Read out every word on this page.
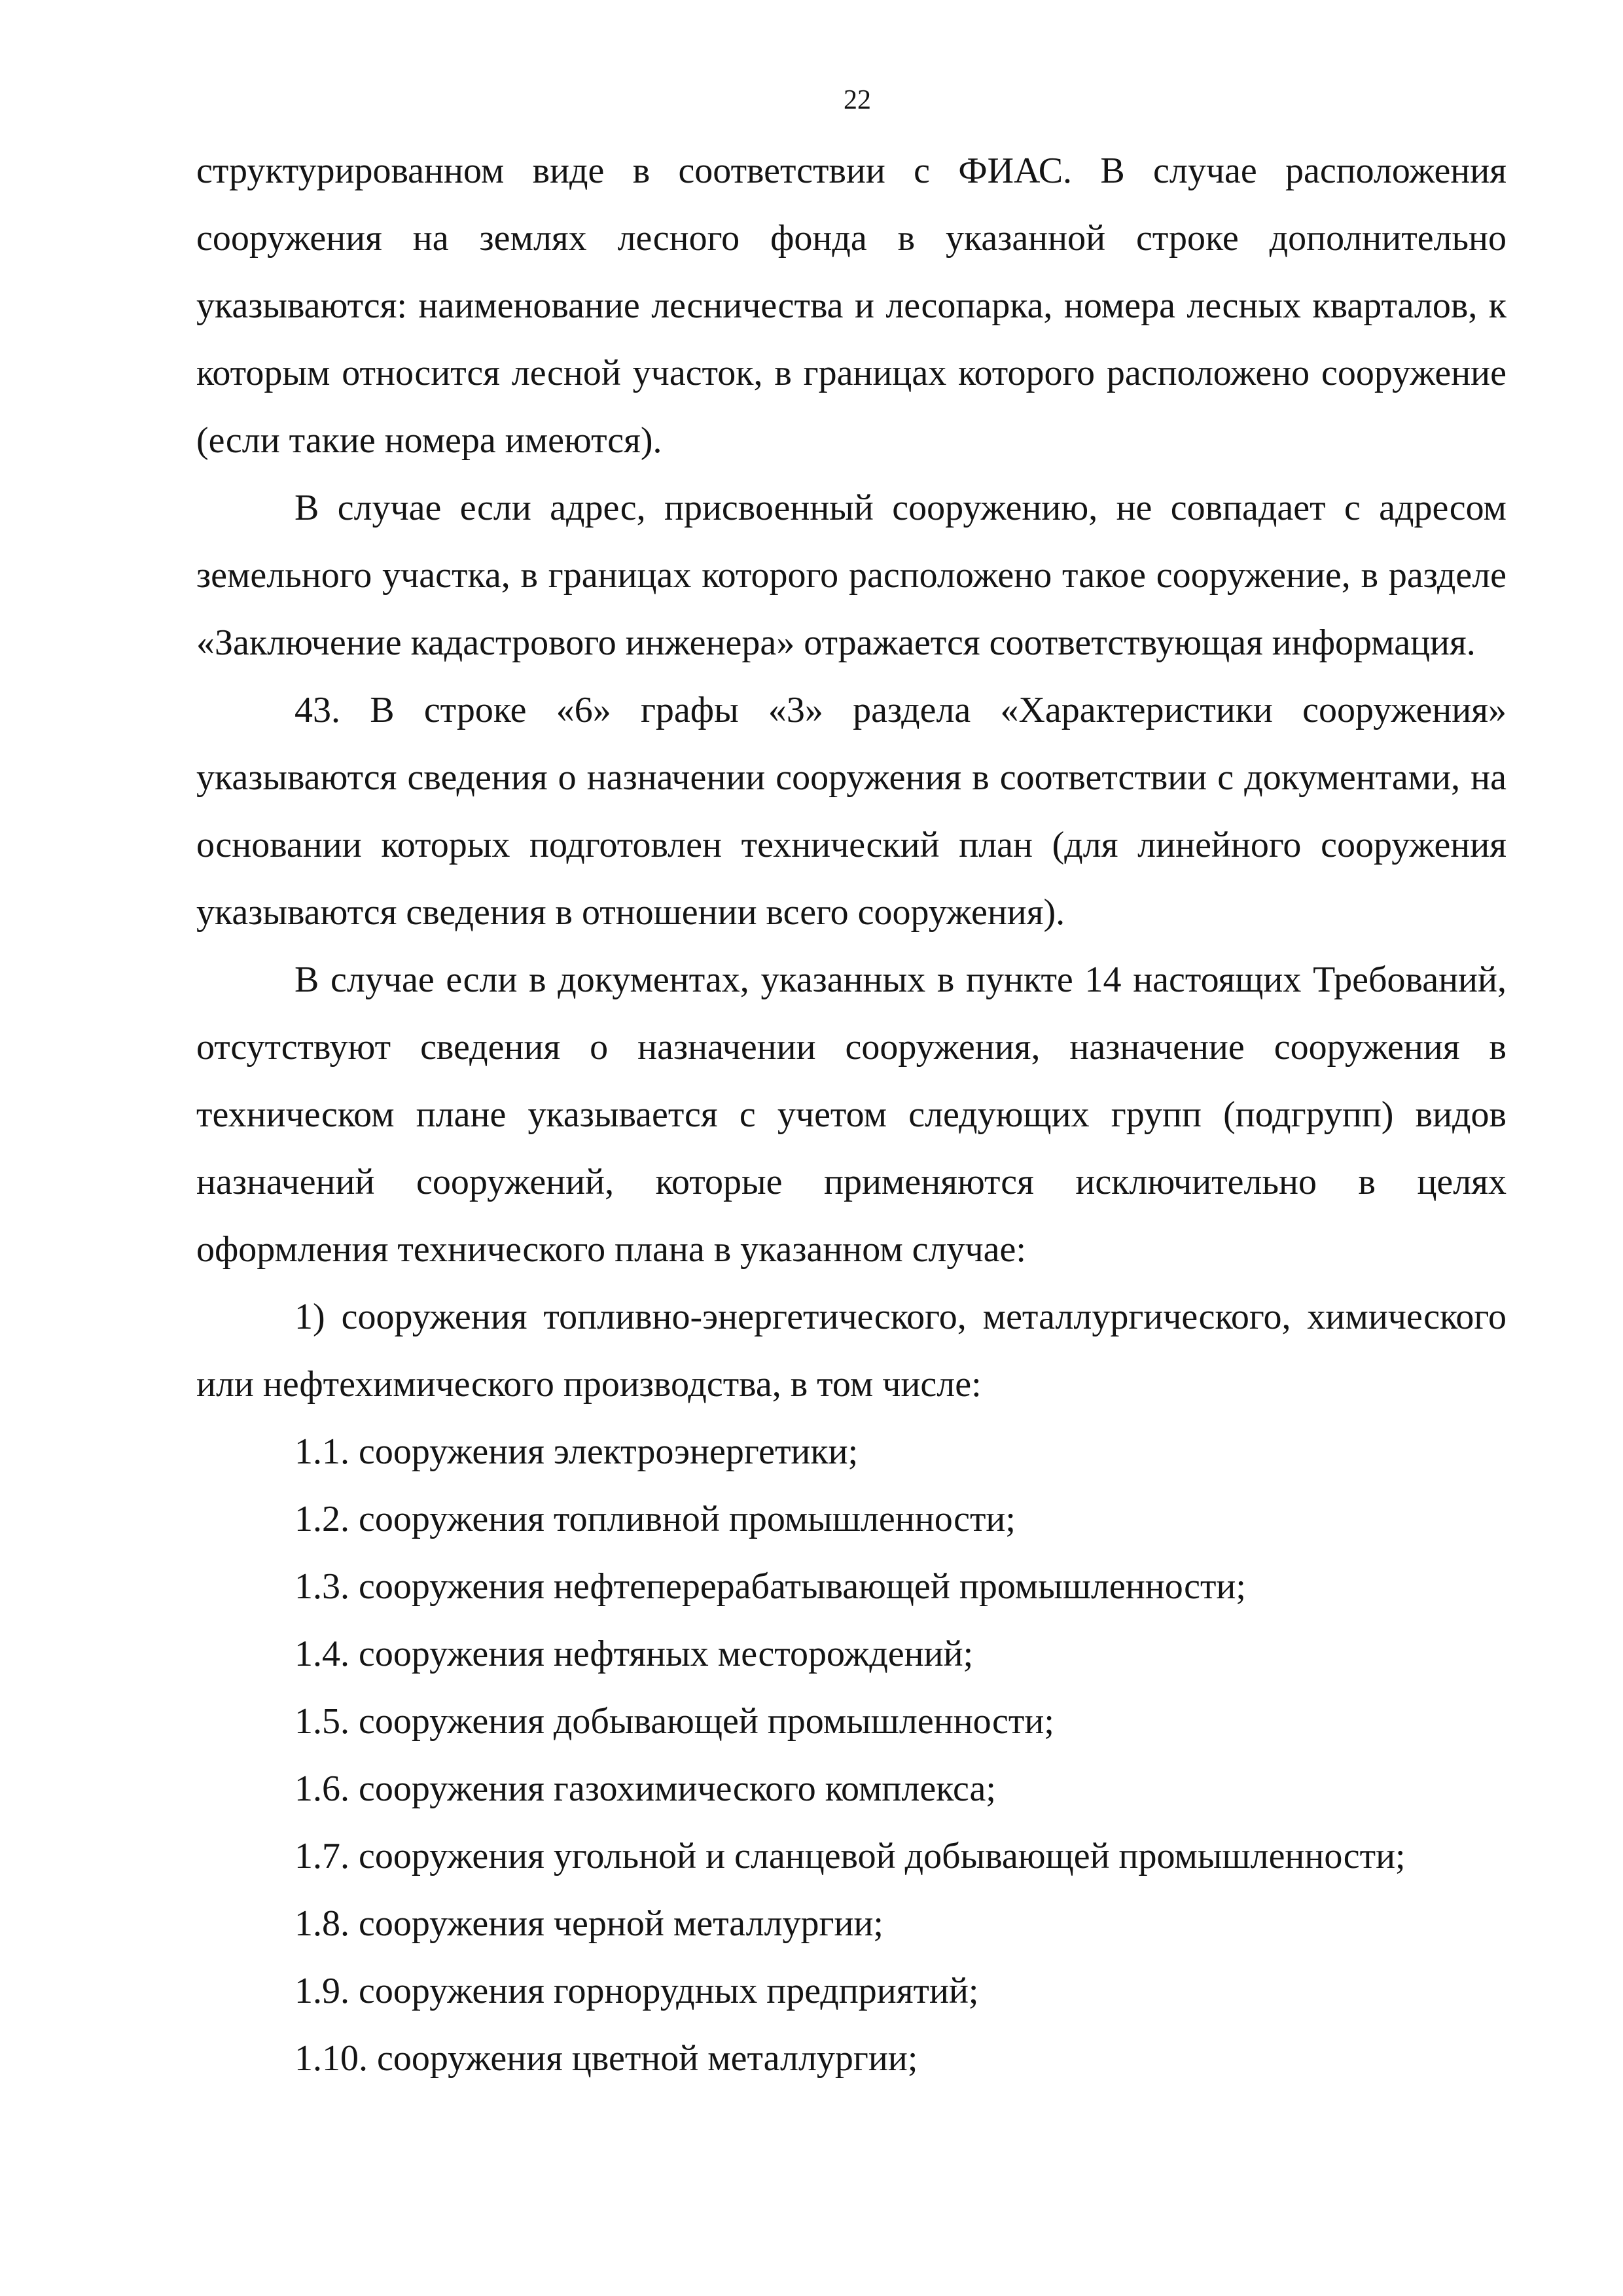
22

структурированном виде в соответствии с ФИАС. В случае расположения сооружения на землях лесного фонда в указанной строке дополнительно указываются: наименование лесничества и лесопарка, номера лесных кварталов, к которым относится лесной участок, в границах которого расположено сооружение (если такие номера имеются).

В случае если адрес, присвоенный сооружению, не совпадает с адресом земельного участка, в границах которого расположено такое сооружение, в разделе «Заключение кадастрового инженера» отражается соответствующая информация.

43. В строке «6» графы «3» раздела «Характеристики сооружения» указываются сведения о назначении сооружения в соответствии с документами, на основании которых подготовлен технический план (для линейного сооружения указываются сведения в отношении всего сооружения).

В случае если в документах, указанных в пункте 14 настоящих Требований, отсутствуют сведения о назначении сооружения, назначение сооружения в техническом плане указывается с учетом следующих групп (подгрупп) видов назначений сооружений, которые применяются исключительно в целях оформления технического плана в указанном случае:

1) сооружения топливно-энергетического, металлургического, химического или нефтехимического производства, в том числе:

1.1. сооружения электроэнергетики;

1.2. сооружения топливной промышленности;

1.3. сооружения нефтеперерабатывающей промышленности;

1.4. сооружения нефтяных месторождений;

1.5. сооружения добывающей промышленности;

1.6. сооружения газохимического комплекса;

1.7. сооружения угольной и сланцевой добывающей промышленности;

1.8. сооружения черной металлургии;

1.9. сооружения горнорудных предприятий;

1.10. сооружения цветной металлургии;
